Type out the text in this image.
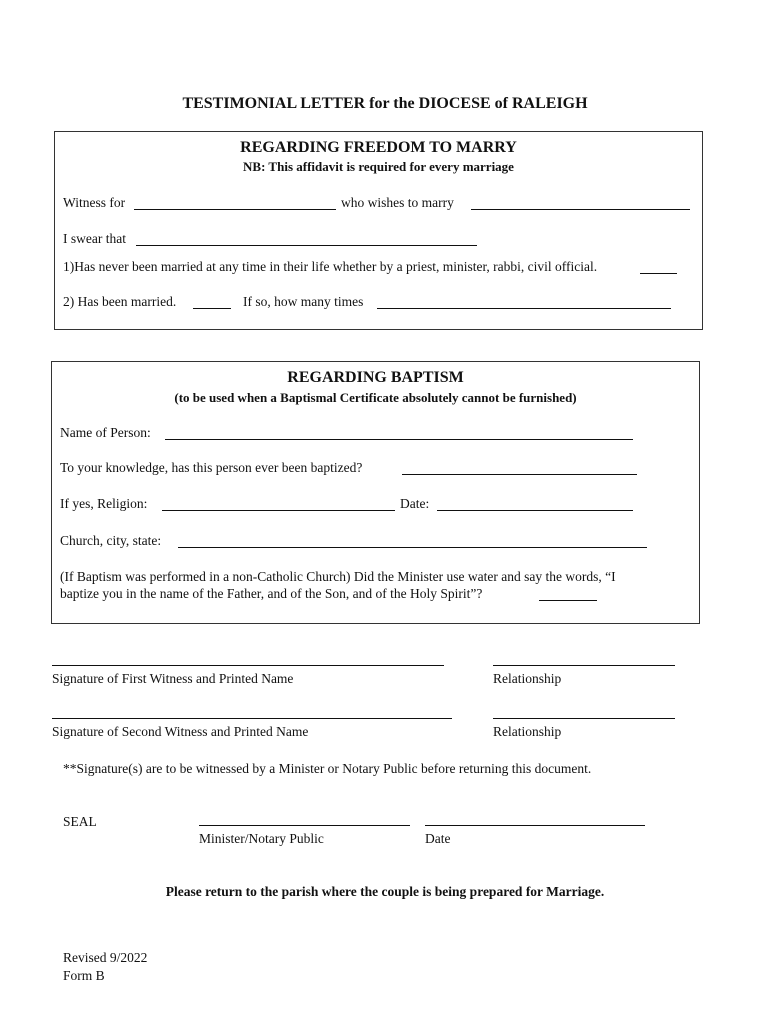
TESTIMONIAL LETTER for the DIOCESE of RALEIGH
REGARDING FREEDOM TO MARRY
NB: This affidavit is required for every marriage
Witness for	who wishes to marry
I swear that
1)Has never been married at any time in their life whether by a priest, minister, rabbi, civil official.
2) Has been married.	If so, how many times
REGARDING BAPTISM
(to be used when a Baptismal Certificate absolutely cannot be furnished)
Name of Person:
To your knowledge, has this person ever been baptized?
If yes, Religion:	Date:
Church, city, state:
(If Baptism was performed in a non-Catholic Church) Did the Minister use water and say the words, “I
baptize you in the name of the Father, and of the Son, and of the Holy Spirit”?
Signature of First Witness and Printed Name	Relationship
Signature of Second Witness and Printed Name	Relationship
**Signature(s) are to be witnessed by a Minister or Notary Public before returning this document.
SEAL
Minister/Notary Public	Date
Please return to the parish where the couple is being prepared for Marriage.
Revised 9/2022
Form B
